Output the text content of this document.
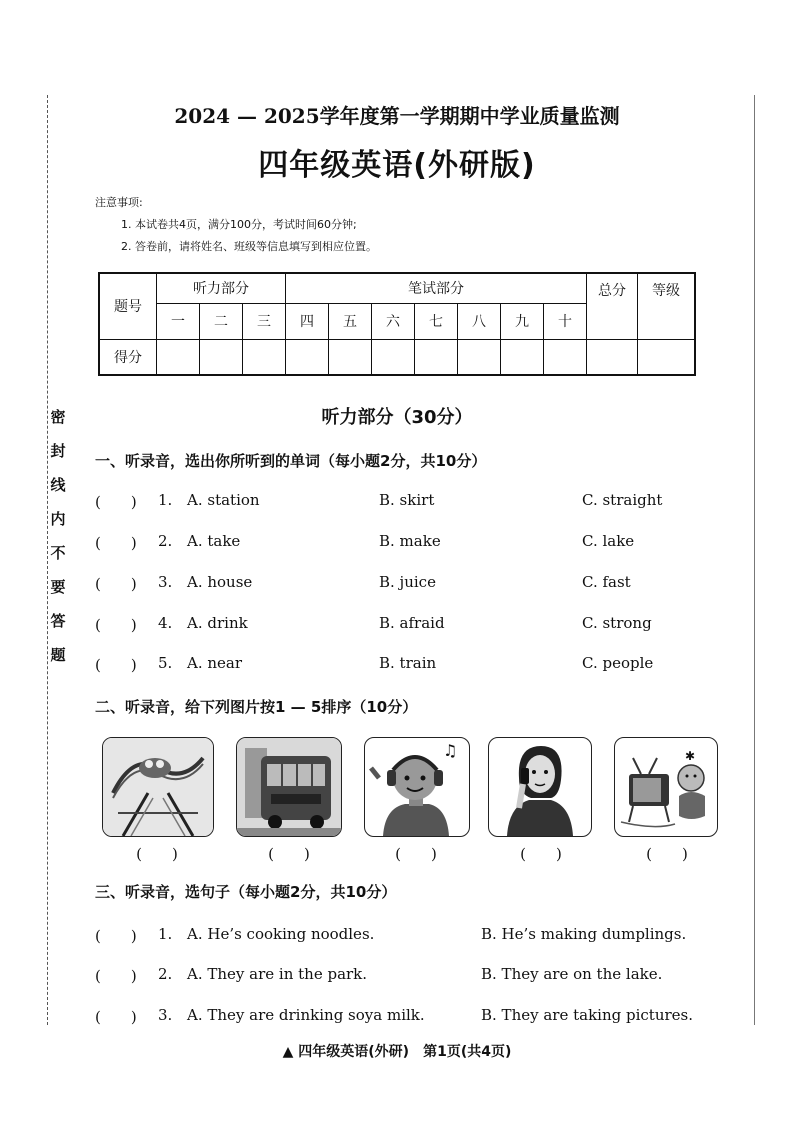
密
封
线
内
不
要
答
题
2024 — 2025学年度第一学期期中学业质量监测
四年级英语(外研版)
注意事项:
1. 本试卷共4页，满分100分，考试时间60分钟;
2. 答卷前，请将姓名、班级等信息填写到相应位置。
题号	听力部分			笔试部分							总分	等级
	一	二	三	四	五	六	七	八	九	十		
得分												
听力部分（30分）
一、听录音，选出你所听到的单词（每小题2分，共10分）
(　　) 1. A. station	B. skirt	C. straight
(　　) 2. A. take	B. make	C. lake
(　　) 3. A. house	B. juice	C. fast
(　　) 4. A. drink	B. afraid	C. strong
(　　) 5. A. near	B. train	C. people
二、听录音，给下列图片按1 — 5排序（10分）
♫	✱
(　　)	(　　)	(　　)	(　　)	(　　)
三、听录音，选句子（每小题2分，共10分）
(　　) 1. A. He’s cooking noodles.	B. He’s making dumplings.
(　　) 2. A. They are in the park.	B. They are on the lake.
(　　) 3. A. They are drinking soya milk.	B. They are taking pictures.
▲ 四年级英语(外研)　第1页(共4页)
